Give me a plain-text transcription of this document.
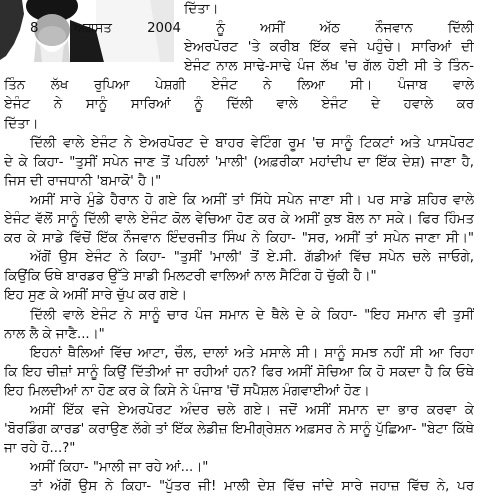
ਦਿੱਤਾ।
8 ਅਗਸਤ 2004 ਨੂੰ ਅਸੀਂ ਅੱਠ ਨੌਜਵਾਨ ਦਿੱਲੀ
ਏਅਰਪੋਰਟ 'ਤੇ ਕਰੀਬ ਇੱਕ ਵਜੇ ਪਹੁੰਚੇ। ਸਾਰਿਆਂ ਦੀ
ਏਜੰਟ ਨਾਲ ਸਾਢੇ-ਸਾਢੇ ਪੰਜ ਲੱਖ 'ਚ ਗੱਲ ਹੋਈ ਸੀ ਤੇ ਤਿੰਨ-
ਤਿੰਨ ਲੱਖ ਰੁਪਿਆ ਪੇਸ਼ਗੀ ਏਜੰਟ ਨੇ ਲਿਆ ਸੀ। ਪੰਜਾਬ ਵਾਲੇ
ਏਜੰਟ ਨੇ ਸਾਨੂੰ ਸਾਰਿਆਂ ਨੂੰ ਦਿੱਲੀ ਵਾਲੇ ਏਜੰਟ ਦੇ ਹਵਾਲੇ ਕਰ
ਦਿੱਤਾ।
ਦਿੱਲੀ ਵਾਲੇ ਏਜੰਟ ਨੇ ਏਅਰਪੋਰਟ ਦੇ ਬਾਹਰ ਵੇਟਿੰਗ ਰੂਮ 'ਚ ਸਾਨੂੰ ਟਿਕਟਾਂ ਅਤੇ ਪਾਸਪੋਰਟ
ਦੇ ਕੇ ਕਿਹਾ- "ਤੁਸੀਂ ਸਪੇਨ ਜਾਣ ਤੋਂ ਪਹਿਲਾਂ 'ਮਾਲੀ' (ਅਫ਼ਰੀਕਾ ਮਹਾਂਦੀਪ ਦਾ ਇੱਕ ਦੇਸ਼) ਜਾਣਾ ਹੈ,
ਜਿਸ ਦੀ ਰਾਜਧਾਨੀ 'ਬਮਾਕੋ' ਹੈ।"
ਅਸੀਂ ਸਾਰੇ ਮੁੰਡੇ ਹੈਰਾਨ ਹੋ ਗਏ ਕਿ ਅਸੀਂ ਤਾਂ ਸਿੱਧੇ ਸਪੇਨ ਜਾਣਾ ਸੀ। ਪਰ ਸਾਡੇ ਸ਼ਹਿਰ ਵਾਲੇ
ਏਜੰਟ ਵੱਲੋਂ ਸਾਨੂੰ ਦਿੱਲੀ ਵਾਲੇ ਏਜੰਟ ਕੋਲ ਵੇਚਿਆ ਹੋਣ ਕਰ ਕੇ ਅਸੀਂ ਕੁਝ ਬੋਲ ਨਾ ਸਕੇ। ਫਿਰ ਹਿੰਮਤ
ਕਰ ਕੇ ਸਾਡੇ ਵਿੱਚੋਂ ਇੱਕ ਨੌਜਵਾਨ ਇੰਦਰਜੀਤ ਸਿੰਘ ਨੇ ਕਿਹਾ- "ਸਰ, ਅਸੀਂ ਤਾਂ ਸਪੇਨ ਜਾਣਾ ਸੀ।"
ਅੱਗੋਂ ਉਸ ਏਜੰਟ ਨੇ ਕਿਹਾ- "ਤੁਸੀਂ 'ਮਾਲੀ' ਤੋਂ ਏ.ਸੀ. ਗੱਡੀਆਂ ਵਿੱਚ ਸਪੇਨ ਚਲੇ ਜਾਓਗੇ,
ਕਿਉਂਕਿ ਓਥੇ ਬਾਰਡਰ ਉੱਤੇ ਸਾਡੀ ਮਿਲਟਰੀ ਵਾਲਿਆਂ ਨਾਲ ਸੈਟਿੰਗ ਹੋ ਚੁੱਕੀ ਹੈ।"
ਇਹ ਸੁਣ ਕੇ ਅਸੀਂ ਸਾਰੇ ਚੁੱਪ ਕਰ ਗਏ।
ਦਿੱਲੀ ਵਾਲੇ ਏਜੰਟ ਨੇ ਸਾਨੂੰ ਚਾਰ ਪੰਜ ਸਮਾਨ ਦੇ ਥੈਲੇ ਦੇ ਕੇ ਕਿਹਾ- "ਇਹ ਸਮਾਨ ਵੀ ਤੁਸੀਂ
ਨਾਲ ਲੈ ਕੇ ਜਾਣੈ...।"
ਇਹਨਾਂ ਥੈਲਿਆਂ ਵਿੱਚ ਆਟਾ, ਚੌਲ, ਦਾਲਾਂ ਅਤੇ ਮਸਾਲੇ ਸੀ। ਸਾਨੂੰ ਸਮਝ ਨਹੀਂ ਸੀ ਆ ਰਿਹਾ
ਕਿ ਇਹ ਚੀਜ਼ਾਂ ਸਾਨੂੰ ਕਿਉਂ ਦਿੱਤੀਆਂ ਜਾ ਰਹੀਆਂ ਹਨ? ਫਿਰ ਅਸੀਂ ਸੋਚਿਆ ਕਿ ਹੋ ਸਕਦਾ ਹੈ ਕਿ ਓਥੇ
ਇਹ ਮਿਲਦੀਆਂ ਨਾ ਹੋਣ ਕਰ ਕੇ ਕਿਸੇ ਨੇ ਪੰਜਾਬ 'ਚੋਂ ਸਪੈਸ਼ਲ ਮੰਗਵਾਈਆਂ ਹੋਣ।
ਅਸੀਂ ਇੱਕ ਵਜੇ ਏਅਰਪੋਰਟ ਅੰਦਰ ਚਲੇ ਗਏ। ਜਦੋਂ ਅਸੀਂ ਸਮਾਨ ਦਾ ਭਾਰ ਕਰਵਾ ਕੇ
'ਬੋਰਡਿੰਗ ਕਾਰਡ' ਕਰਾਉਣ ਲੱਗੇ ਤਾਂ ਇੱਕ ਲੇਡੀਜ਼ ਇਮੀਗ੍ਰੇਸ਼ਨ ਅਫ਼ਸਰ ਨੇ ਸਾਨੂੰ ਪੁੱਛਿਆ- "ਬੇਟਾ ਕਿੱਥੇ
ਜਾ ਰਹੇ ਹੋ...?"
ਅਸੀਂ ਕਿਹਾ- "ਮਾਲੀ ਜਾ ਰਹੇ ਆਂ...।"
ਤਾਂ ਅੱਗੋਂ ਉਸ ਨੇ ਕਿਹਾ- "ਪੁੱਤਰ ਜੀ! ਮਾਲੀ ਦੇਸ਼ ਵਿੱਚ ਜਾਂਦੇ ਸਾਰੇ ਜਹਾਜ਼ ਵਿੱਚ ਨੇ, ਪਰ
